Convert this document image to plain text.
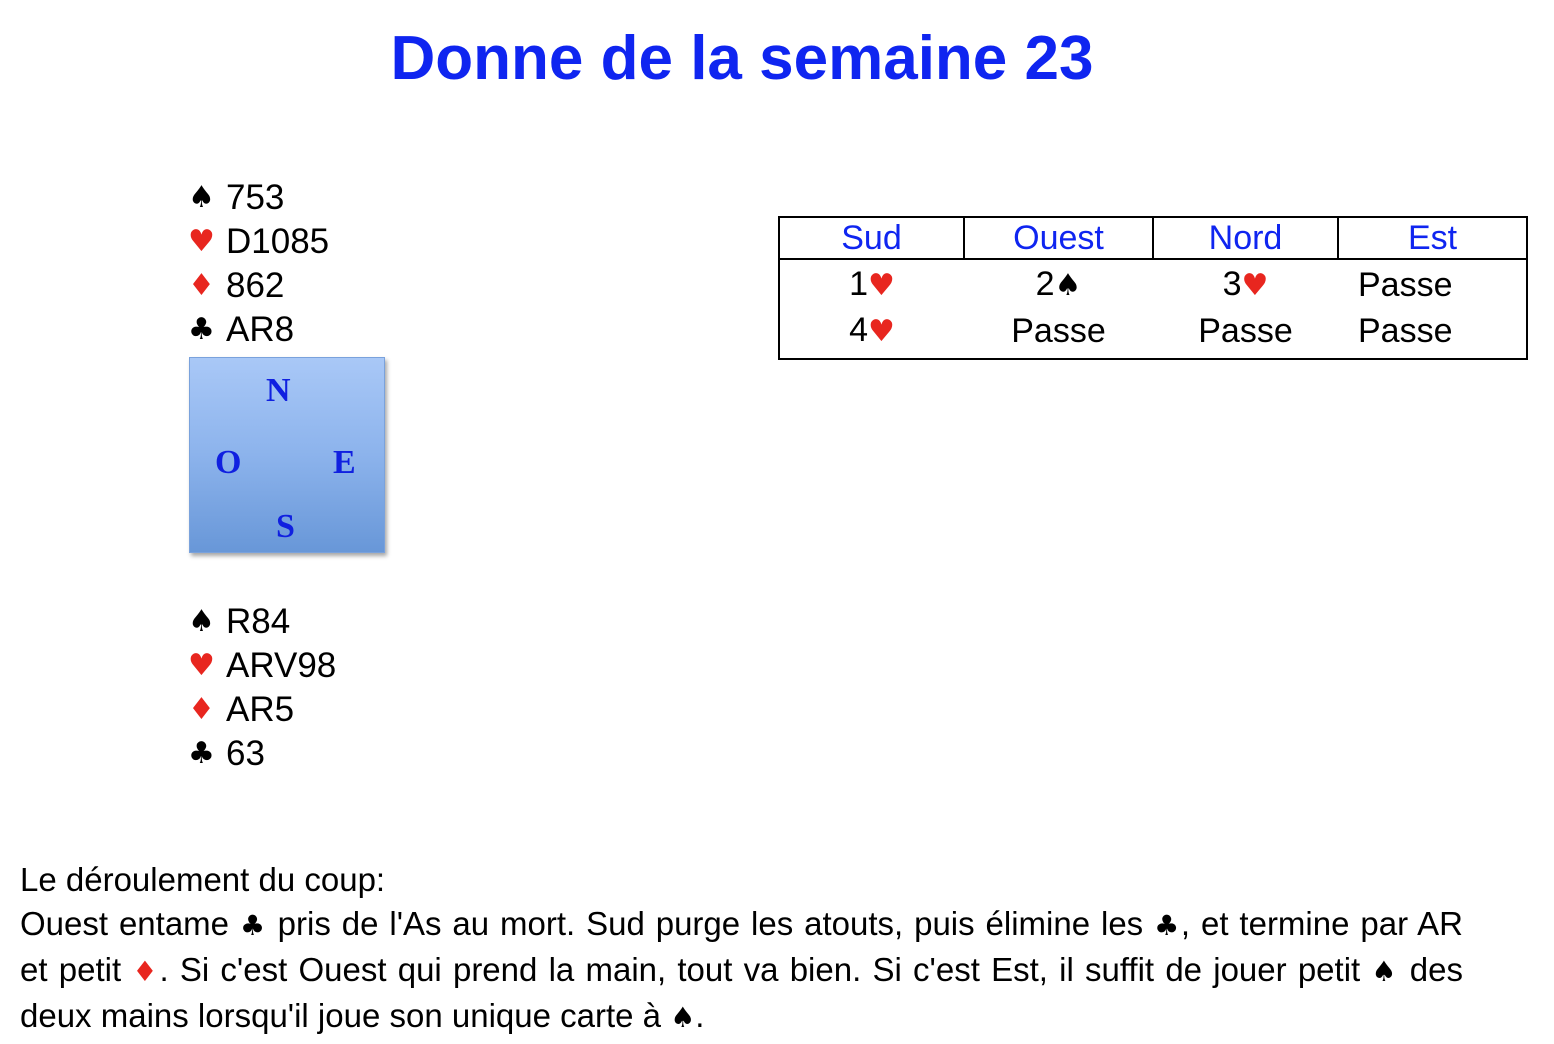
Donne de la semaine 23
♠ 753
♥ D1085
♦ 862
♣ AR8
N
O	E
S
♠ R84
♥ ARV98
♦ AR5
♣ 63
Sud	Ouest	Nord	Est
1♥	2♠	3♥	Passe
4♥	Passe	Passe	Passe

Le déroulement du coup:

Ouest entame ♣ pris de l'As au mort. Sud purge les atouts, puis élimine les ♣, et termine par AR et petit ♦. Si c'est Ouest qui prend la main, tout va bien. Si c'est Est, il suffit de jouer petit ♠ des deux mains lorsqu'il joue son unique carte à ♠.
